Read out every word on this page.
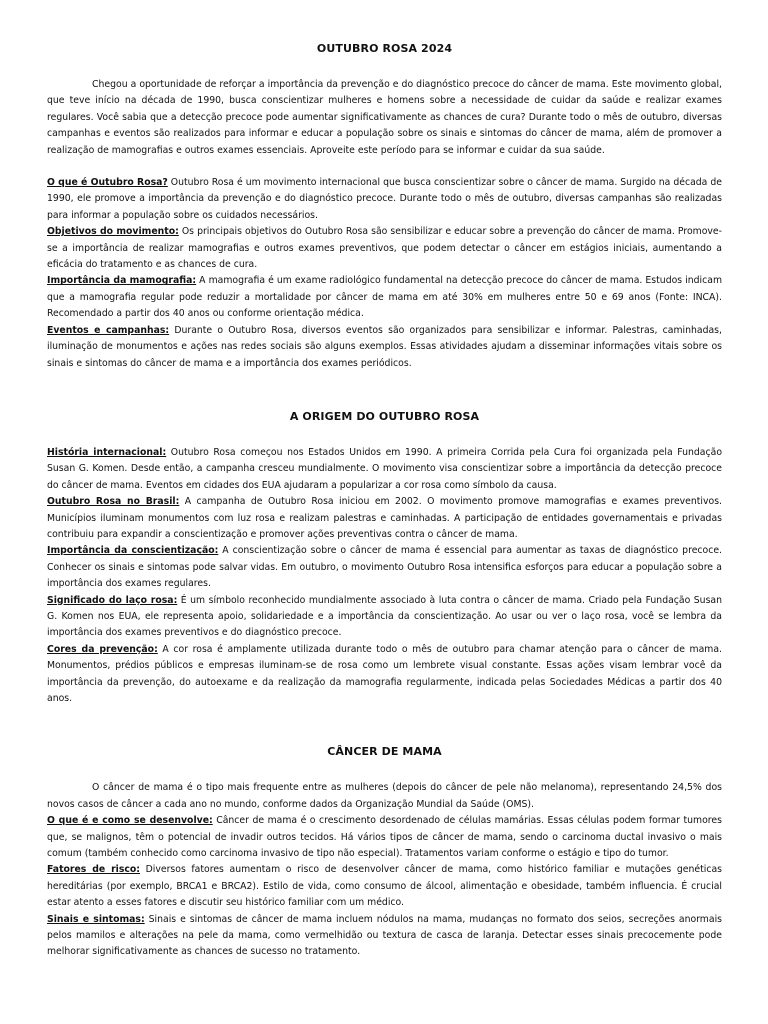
OUTUBRO ROSA 2024

Chegou a oportunidade de reforçar a importância da prevenção e do diagnóstico precoce do câncer de mama. Este movimento global, que teve início na década de 1990, busca conscientizar mulheres e homens sobre a necessidade de cuidar da saúde e realizar exames regulares. Você sabia que a detecção precoce pode aumentar significativamente as chances de cura? Durante todo o mês de outubro, diversas campanhas e eventos são realizados para informar e educar a população sobre os sinais e sintomas do câncer de mama, além de promover a realização de mamografias e outros exames essenciais. Aproveite este período para se informar e cuidar da sua saúde.

O que é Outubro Rosa? Outubro Rosa é um movimento internacional que busca conscientizar sobre o câncer de mama. Surgido na década de 1990, ele promove a importância da prevenção e do diagnóstico precoce. Durante todo o mês de outubro, diversas campanhas são realizadas para informar a população sobre os cuidados necessários.

Objetivos do movimento: Os principais objetivos do Outubro Rosa são sensibilizar e educar sobre a prevenção do câncer de mama. Promove-se a importância de realizar mamografias e outros exames preventivos, que podem detectar o câncer em estágios iniciais, aumentando a eficácia do tratamento e as chances de cura.

Importância da mamografia: A mamografia é um exame radiológico fundamental na detecção precoce do câncer de mama. Estudos indicam que a mamografia regular pode reduzir a mortalidade por câncer de mama em até 30% em mulheres entre 50 e 69 anos (Fonte: INCA). Recomendado a partir dos 40 anos ou conforme orientação médica.

Eventos e campanhas: Durante o Outubro Rosa, diversos eventos são organizados para sensibilizar e informar. Palestras, caminhadas, iluminação de monumentos e ações nas redes sociais são alguns exemplos. Essas atividades ajudam a disseminar informações vitais sobre os sinais e sintomas do câncer de mama e a importância dos exames periódicos.

A ORIGEM DO OUTUBRO ROSA

História internacional: Outubro Rosa começou nos Estados Unidos em 1990. A primeira Corrida pela Cura foi organizada pela Fundação Susan G. Komen. Desde então, a campanha cresceu mundialmente. O movimento visa conscientizar sobre a importância da detecção precoce do câncer de mama. Eventos em cidades dos EUA ajudaram a popularizar a cor rosa como símbolo da causa.

Outubro Rosa no Brasil: A campanha de Outubro Rosa iniciou em 2002. O movimento promove mamografias e exames preventivos. Municípios iluminam monumentos com luz rosa e realizam palestras e caminhadas. A participação de entidades governamentais e privadas contribuiu para expandir a conscientização e promover ações preventivas contra o câncer de mama.

Importância da conscientização: A conscientização sobre o câncer de mama é essencial para aumentar as taxas de diagnóstico precoce. Conhecer os sinais e sintomas pode salvar vidas. Em outubro, o movimento Outubro Rosa intensifica esforços para educar a população sobre a importância dos exames regulares.

Significado do laço rosa: É um símbolo reconhecido mundialmente associado à luta contra o câncer de mama. Criado pela Fundação Susan G. Komen nos EUA, ele representa apoio, solidariedade e a importância da conscientização. Ao usar ou ver o laço rosa, você se lembra da importância dos exames preventivos e do diagnóstico precoce.

Cores da prevenção: A cor rosa é amplamente utilizada durante todo o mês de outubro para chamar atenção para o câncer de mama. Monumentos, prédios públicos e empresas iluminam-se de rosa como um lembrete visual constante. Essas ações visam lembrar você da importância da prevenção, do autoexame e da realização da mamografia regularmente, indicada pelas Sociedades Médicas a partir dos 40 anos.

CÂNCER DE MAMA

O câncer de mama é o tipo mais frequente entre as mulheres (depois do câncer de pele não melanoma), representando 24,5% dos novos casos de câncer a cada ano no mundo, conforme dados da Organização Mundial da Saúde (OMS).

O que é e como se desenvolve: Câncer de mama é o crescimento desordenado de células mamárias. Essas células podem formar tumores que, se malignos, têm o potencial de invadir outros tecidos. Há vários tipos de câncer de mama, sendo o carcinoma ductal invasivo o mais comum (também conhecido como carcinoma invasivo de tipo não especial). Tratamentos variam conforme o estágio e tipo do tumor.

Fatores de risco: Diversos fatores aumentam o risco de desenvolver câncer de mama, como histórico familiar e mutações genéticas hereditárias (por exemplo, BRCA1 e BRCA2). Estilo de vida, como consumo de álcool, alimentação e obesidade, também influencia. É crucial estar atento a esses fatores e discutir seu histórico familiar com um médico.

Sinais e sintomas: Sinais e sintomas de câncer de mama incluem nódulos na mama, mudanças no formato dos seios, secreções anormais pelos mamilos e alterações na pele da mama, como vermelhidão ou textura de casca de laranja. Detectar esses sinais precocemente pode melhorar significativamente as chances de sucesso no tratamento.
